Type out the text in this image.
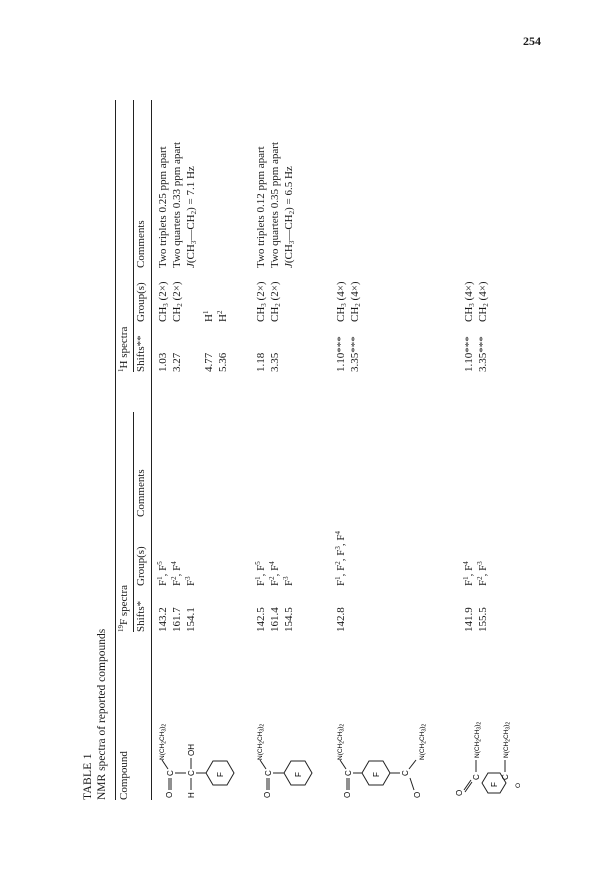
254
TABLE 1 NMR spectra of reported compounds Compound
$^{19}$F spectra
$^1$H spectra
Shifts*
Group(s)
Comments
Shifts**
Group(s)
Comments
O
C
$N(CH_2CH_3)_2$
H
C
OH
F
143.2
$F^1$, $F^5$
161.7
$F^2$, $F^4$
154.1
$F^3$
1.03
$CH_3$ (2×)
Two triplets 0.25 ppm apart
3.27
$CH_2$ (2×)
Two quartets 0.33 ppm apart $J(CH_3—CH_2) = 7.1$ Hz
4.77
$H^1$
5.36
$H^2$
O
C
$N(CH_2CH_3)_2$
F
142.5
$F^1$, $F^5$
161.4
$F^2$, $F^4$
154.5
$F^3$
1.18
$CH_3$ (2×)
Two triplets 0.12 ppm apart
3.35
$CH_2$ (2×)
Two quartets 0.35 ppm apart $J(CH_3—CH_2) = 6.5$ Hz
O
C
$N(CH_2CH_3)_2$
F	C
O
$N(CH_2CH_3)_2$
142.8
$F^1$, $F^2$, $F^3$, $F^4$
1.10***
$CH_3$ (4×)
3.35***
$CH_2$ (4×)
O
C
$N(CH_2CH_3)_2$
F
C
$N(CH_2CH_3)_2$
O
141.9
$F^1$, $F^4$
155.5
$F^2$, $F^3$
1.10***
$CH_3$ (4×)
3.35***
$CH_2$ (4×)
